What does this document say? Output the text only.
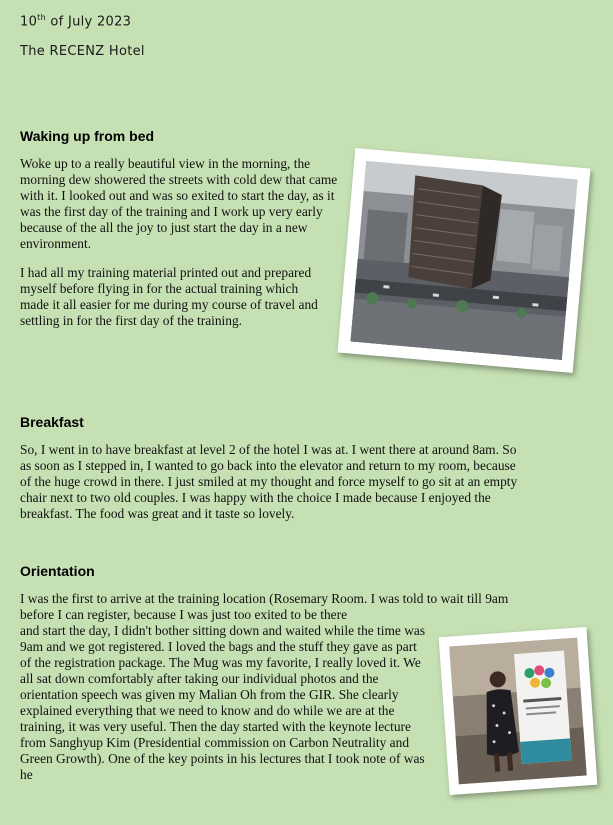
10th of July 2023
The RECENZ Hotel
Waking up from bed

Woke up to a really beautiful view in the morning, the morning dew showered the streets with cold dew that came with it. I looked out and was so exited to start the day, as it was the first day of the training and I work up very early because of the all the joy to just start the day in a new environment.

I had all my training material printed out and prepared myself before flying in for the actual training which made it all easier for me during my course of travel and settling in for the first day of the training.

Breakfast

So, I went in to have breakfast at level 2 of the hotel I was at. I went there at around 8am. So as soon as I stepped in, I wanted to go back into the elevator and return to my room, because of the huge crowd in there. I just smiled at my thought and force myself to go sit at an empty chair next to two old couples. I was happy with the choice I made because I enjoyed the breakfast. The food was great and it taste so lovely.

Orientation

I was the first to arrive at the training location (Rosemary Room. I was told to wait till 9am before I can register, because I was just too exited to be there

and start the day, I didn't bother sitting down and waited while the time was 9am and we got registered. I loved the bags and the stuff they gave as part of the registration package. The Mug was my favorite, I really loved it. We all sat down comfortably after taking our individual photos and the orientation speech was given my Malian Oh from the GIR. She clearly explained everything that we need to know and do while we are at the training, it was very useful. Then the day started with the keynote lecture from Sanghyup Kim (Presidential commission on Carbon Neutrality and Green Growth). One of the key points in his lectures that I took note of was he
